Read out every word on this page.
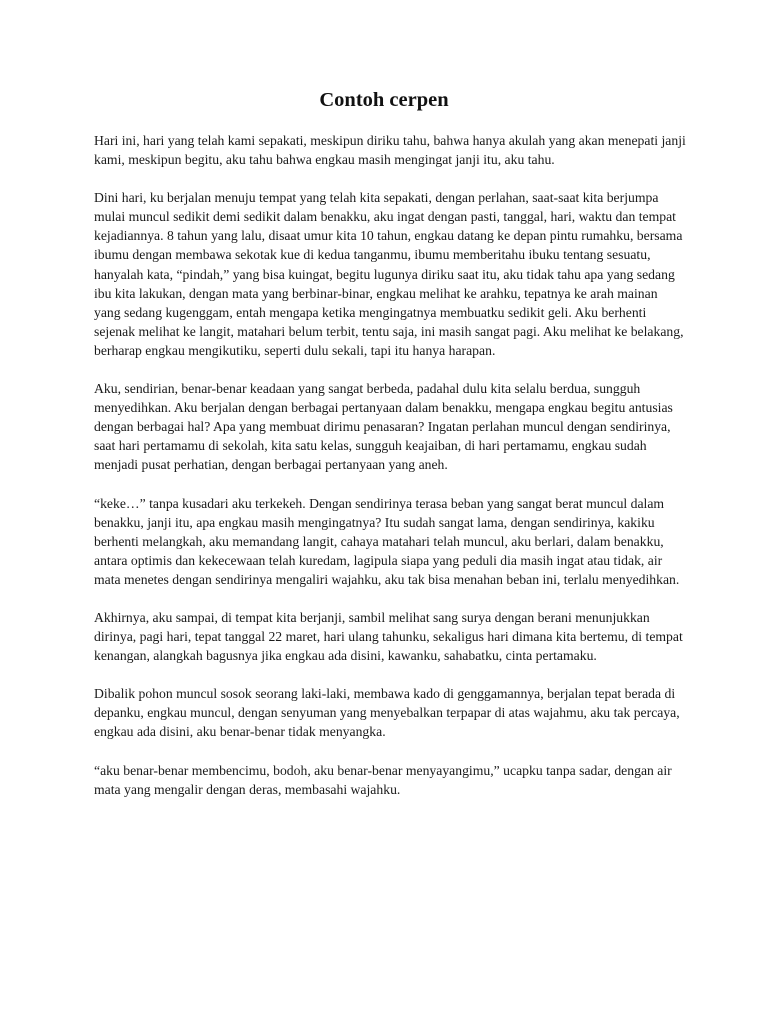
Contoh cerpen

Hari ini, hari yang telah kami sepakati, meskipun diriku tahu, bahwa hanya akulah yang akan menepati janji kami, meskipun begitu, aku tahu bahwa engkau masih mengingat janji itu, aku tahu.

Dini hari, ku berjalan menuju tempat yang telah kita sepakati, dengan perlahan, saat-saat kita berjumpa mulai muncul sedikit demi sedikit dalam benakku, aku ingat dengan pasti, tanggal, hari, waktu dan tempat kejadiannya. 8 tahun yang lalu, disaat umur kita 10 tahun, engkau datang ke depan pintu rumahku, bersama ibumu dengan membawa sekotak kue di kedua tanganmu, ibumu memberitahu ibuku tentang sesuatu, hanyalah kata, “pindah,” yang bisa kuingat, begitu lugunya diriku saat itu, aku tidak tahu apa yang sedang ibu kita lakukan, dengan mata yang berbinar-binar, engkau melihat ke arahku, tepatnya ke arah mainan yang sedang kugenggam, entah mengapa ketika mengingatnya membuatku sedikit geli. Aku berhenti sejenak melihat ke langit, matahari belum terbit, tentu saja, ini masih sangat pagi. Aku melihat ke belakang, berharap engkau mengikutiku, seperti dulu sekali, tapi itu hanya harapan.

Aku, sendirian, benar-benar keadaan yang sangat berbeda, padahal dulu kita selalu berdua, sungguh menyedihkan. Aku berjalan dengan berbagai pertanyaan dalam benakku, mengapa engkau begitu antusias dengan berbagai hal? Apa yang membuat dirimu penasaran? Ingatan perlahan muncul dengan sendirinya, saat hari pertamamu di sekolah, kita satu kelas, sungguh keajaiban, di hari pertamamu, engkau sudah menjadi pusat perhatian, dengan berbagai pertanyaan yang aneh.

“keke…” tanpa kusadari aku terkekeh. Dengan sendirinya terasa beban yang sangat berat muncul dalam benakku, janji itu, apa engkau masih mengingatnya? Itu sudah sangat lama, dengan sendirinya, kakiku berhenti melangkah, aku memandang langit, cahaya matahari telah muncul, aku berlari, dalam benakku, antara optimis dan kekecewaan telah kuredam, lagipula siapa yang peduli dia masih ingat atau tidak, air mata menetes dengan sendirinya mengaliri wajahku, aku tak bisa menahan beban ini, terlalu menyedihkan.

Akhirnya, aku sampai, di tempat kita berjanji, sambil melihat sang surya dengan berani menunjukkan dirinya, pagi hari, tepat tanggal 22 maret, hari ulang tahunku, sekaligus hari dimana kita bertemu, di tempat kenangan, alangkah bagusnya jika engkau ada disini, kawanku, sahabatku, cinta pertamaku.

Dibalik pohon muncul sosok seorang laki-laki, membawa kado di genggamannya, berjalan tepat berada di depanku, engkau muncul, dengan senyuman yang menyebalkan terpapar di atas wajahmu, aku tak percaya, engkau ada disini, aku benar-benar tidak menyangka.

“aku benar-benar membencimu, bodoh, aku benar-benar menyayangimu,” ucapku tanpa sadar, dengan air mata yang mengalir dengan deras, membasahi wajahku.
